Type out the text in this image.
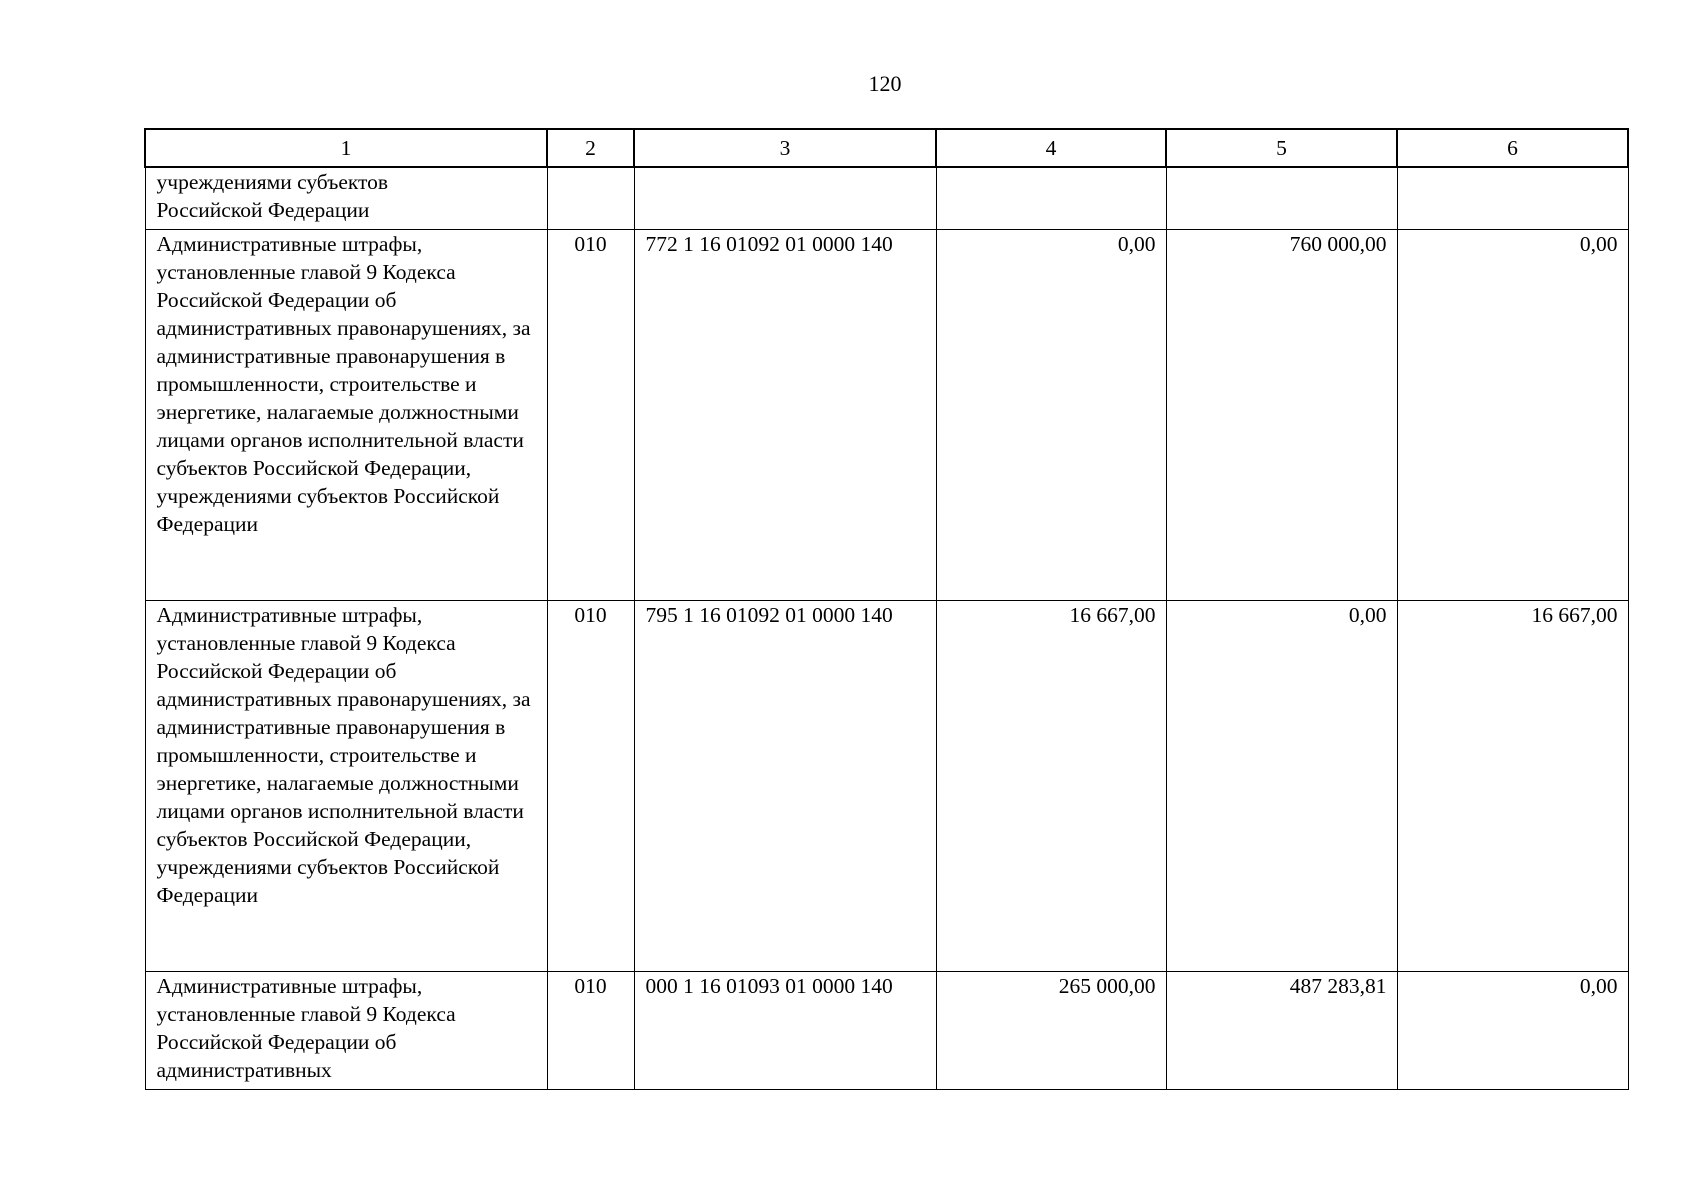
120
1	2	3	4	5	6

учреждениями субъектов Российской Федерации					

Административные штрафы, установленные главой 9 Кодекса Российской Федерации об административных правонарушениях, за административные правонарушения в промышленности, строительстве и энергетике, налагаемые должностными лицами органов исполнительной власти субъектов Российской Федерации, учреждениями субъектов Российской Федерации	010	772 1 16 01092 01 0000 140	0,00	760 000,00	0,00
Административные штрафы, установленные главой 9 Кодекса Российской Федерации об административных правонарушениях, за административные правонарушения в промышленности, строительстве и энергетике, налагаемые должностными лицами органов исполнительной власти субъектов Российской Федерации, учреждениями субъектов Российской Федерации	010	795 1 16 01092 01 0000 140	16 667,00	0,00	16 667,00
Административные штрафы, установленные главой 9 Кодекса Российской Федерации об административных	010	000 1 16 01093 01 0000 140	265 000,00	487 283,81	0,00
